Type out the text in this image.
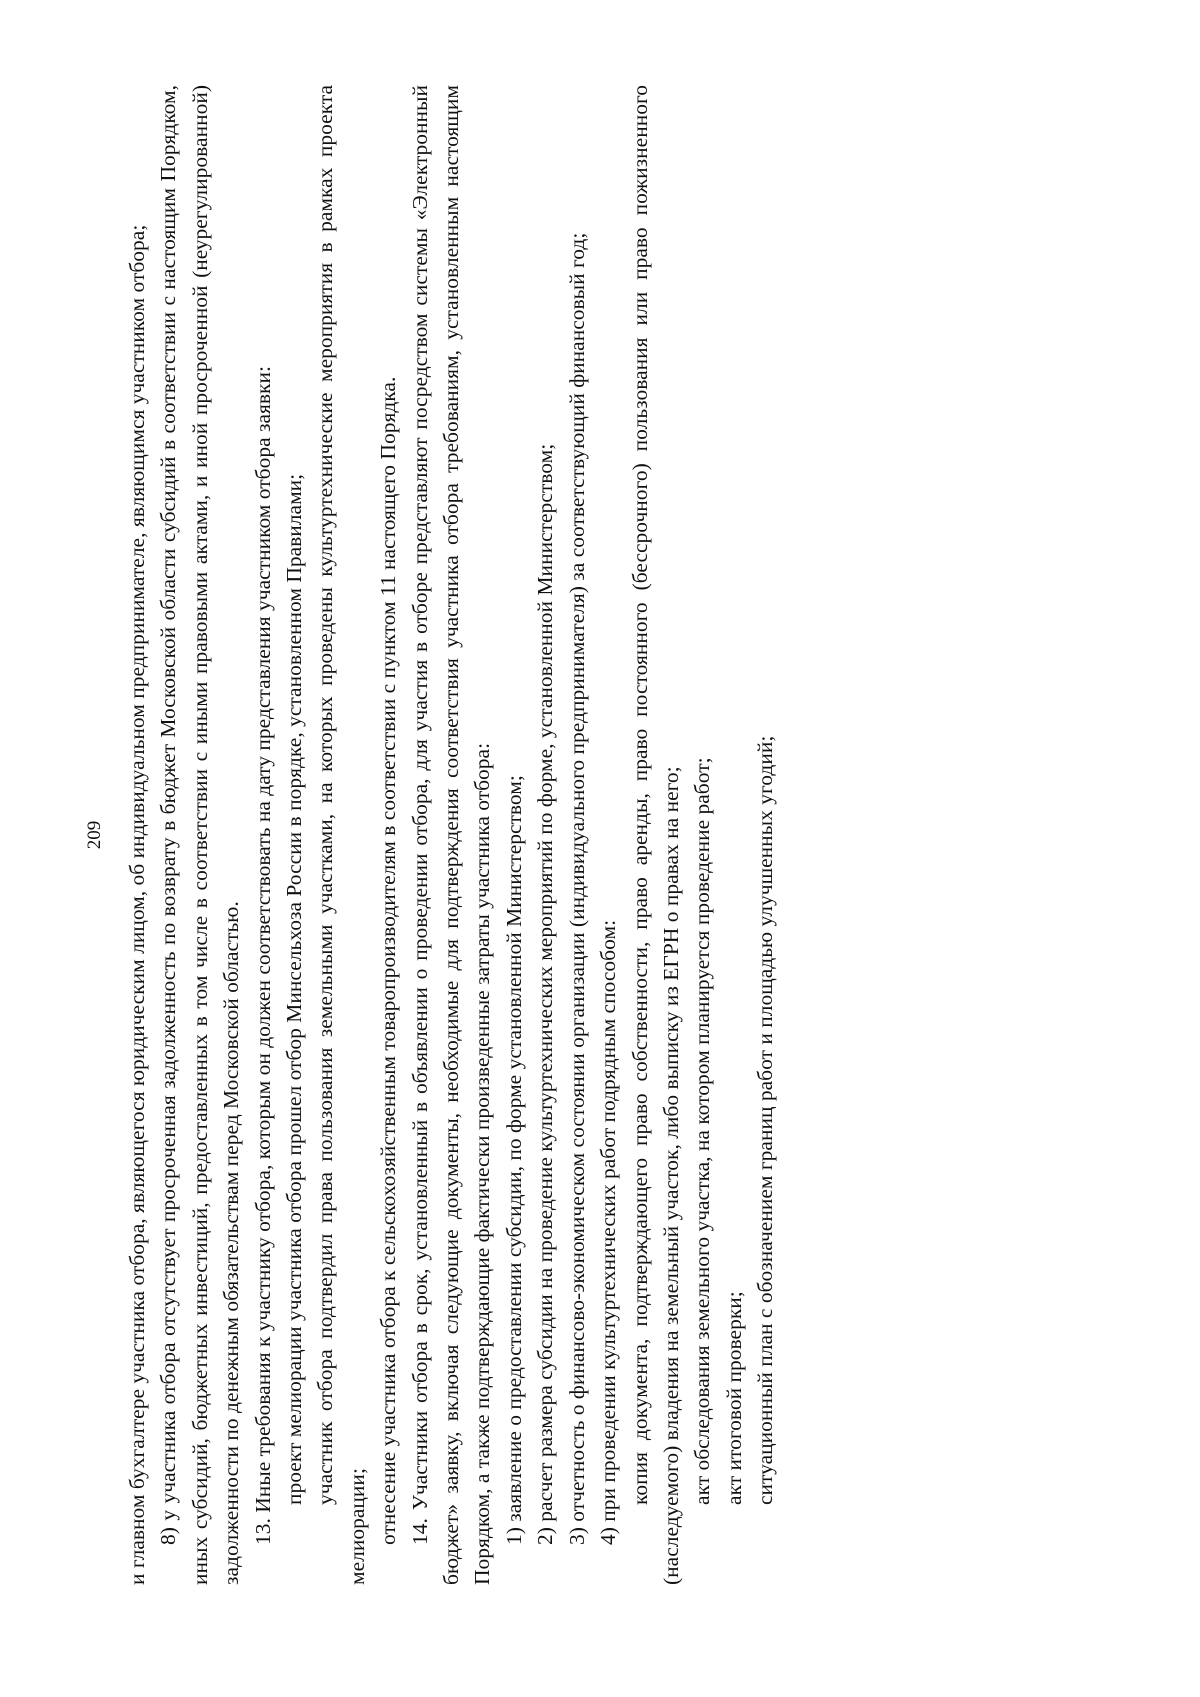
209 и главном бухгалтере участника отбора, являющегося юридическим лицом, об индивидуальном предпринимателе, являющимся участником отбора; 8) у участника отбора отсутствует просроченная задолженность по возврату в бюджет Московской области субсидий в соответствии с настоящим Порядком, иных субсидий, бюджетных инвестиций, предоставленных в том числе в соответствии с иными правовыми актами, и иной просроченной (неурегулированной) задолженности по денежным обязательствам перед Московской областью. 13. Иные требования к участнику отбора, которым он должен соответствовать на дату представления участником отбора заявки: проект мелиорации участника отбора прошел отбор Минсельхоза России в порядке, установленном Правилами; участник отбора подтвердил права пользования земельными участками, на которых проведены культуртехнические мероприятия в рамках проекта мелиорации; отнесение участника отбора к сельскохозяйственным товаропроизводителям в соответствии с пунктом 11 настоящего Порядка. 14. Участники отбора в срок, установленный в объявлении о проведении отбора, для участия в отборе представляют посредством системы «Электронный бюджет» заявку, включая следующие документы, необходимые для подтверждения соответствия участника отбора требованиям, установленным настоящим Порядком, а также подтверждающие фактически произведенные затраты участника отбора: 1) заявление о предоставлении субсидии, по форме установленной Министерством; 2) расчет размера субсидии на проведение культуртехнических мероприятий по форме, установленной Министерством; 3) отчетность о финансово-экономическом состоянии организации (индивидуального предпринимателя) за соответствующий финансовый год; 4) при проведении культуртехнических работ подрядным способом: копия документа, подтверждающего право собственности, право аренды, право постоянного (бессрочного) пользования или право пожизненного (наследуемого) владения на земельный участок, либо выписку из ЕГРН о правах на него; акт обследования земельного участка, на котором планируется проведение работ; акт итоговой проверки; ситуационный план с обозначением границ работ и площадью улучшенных угодий;
